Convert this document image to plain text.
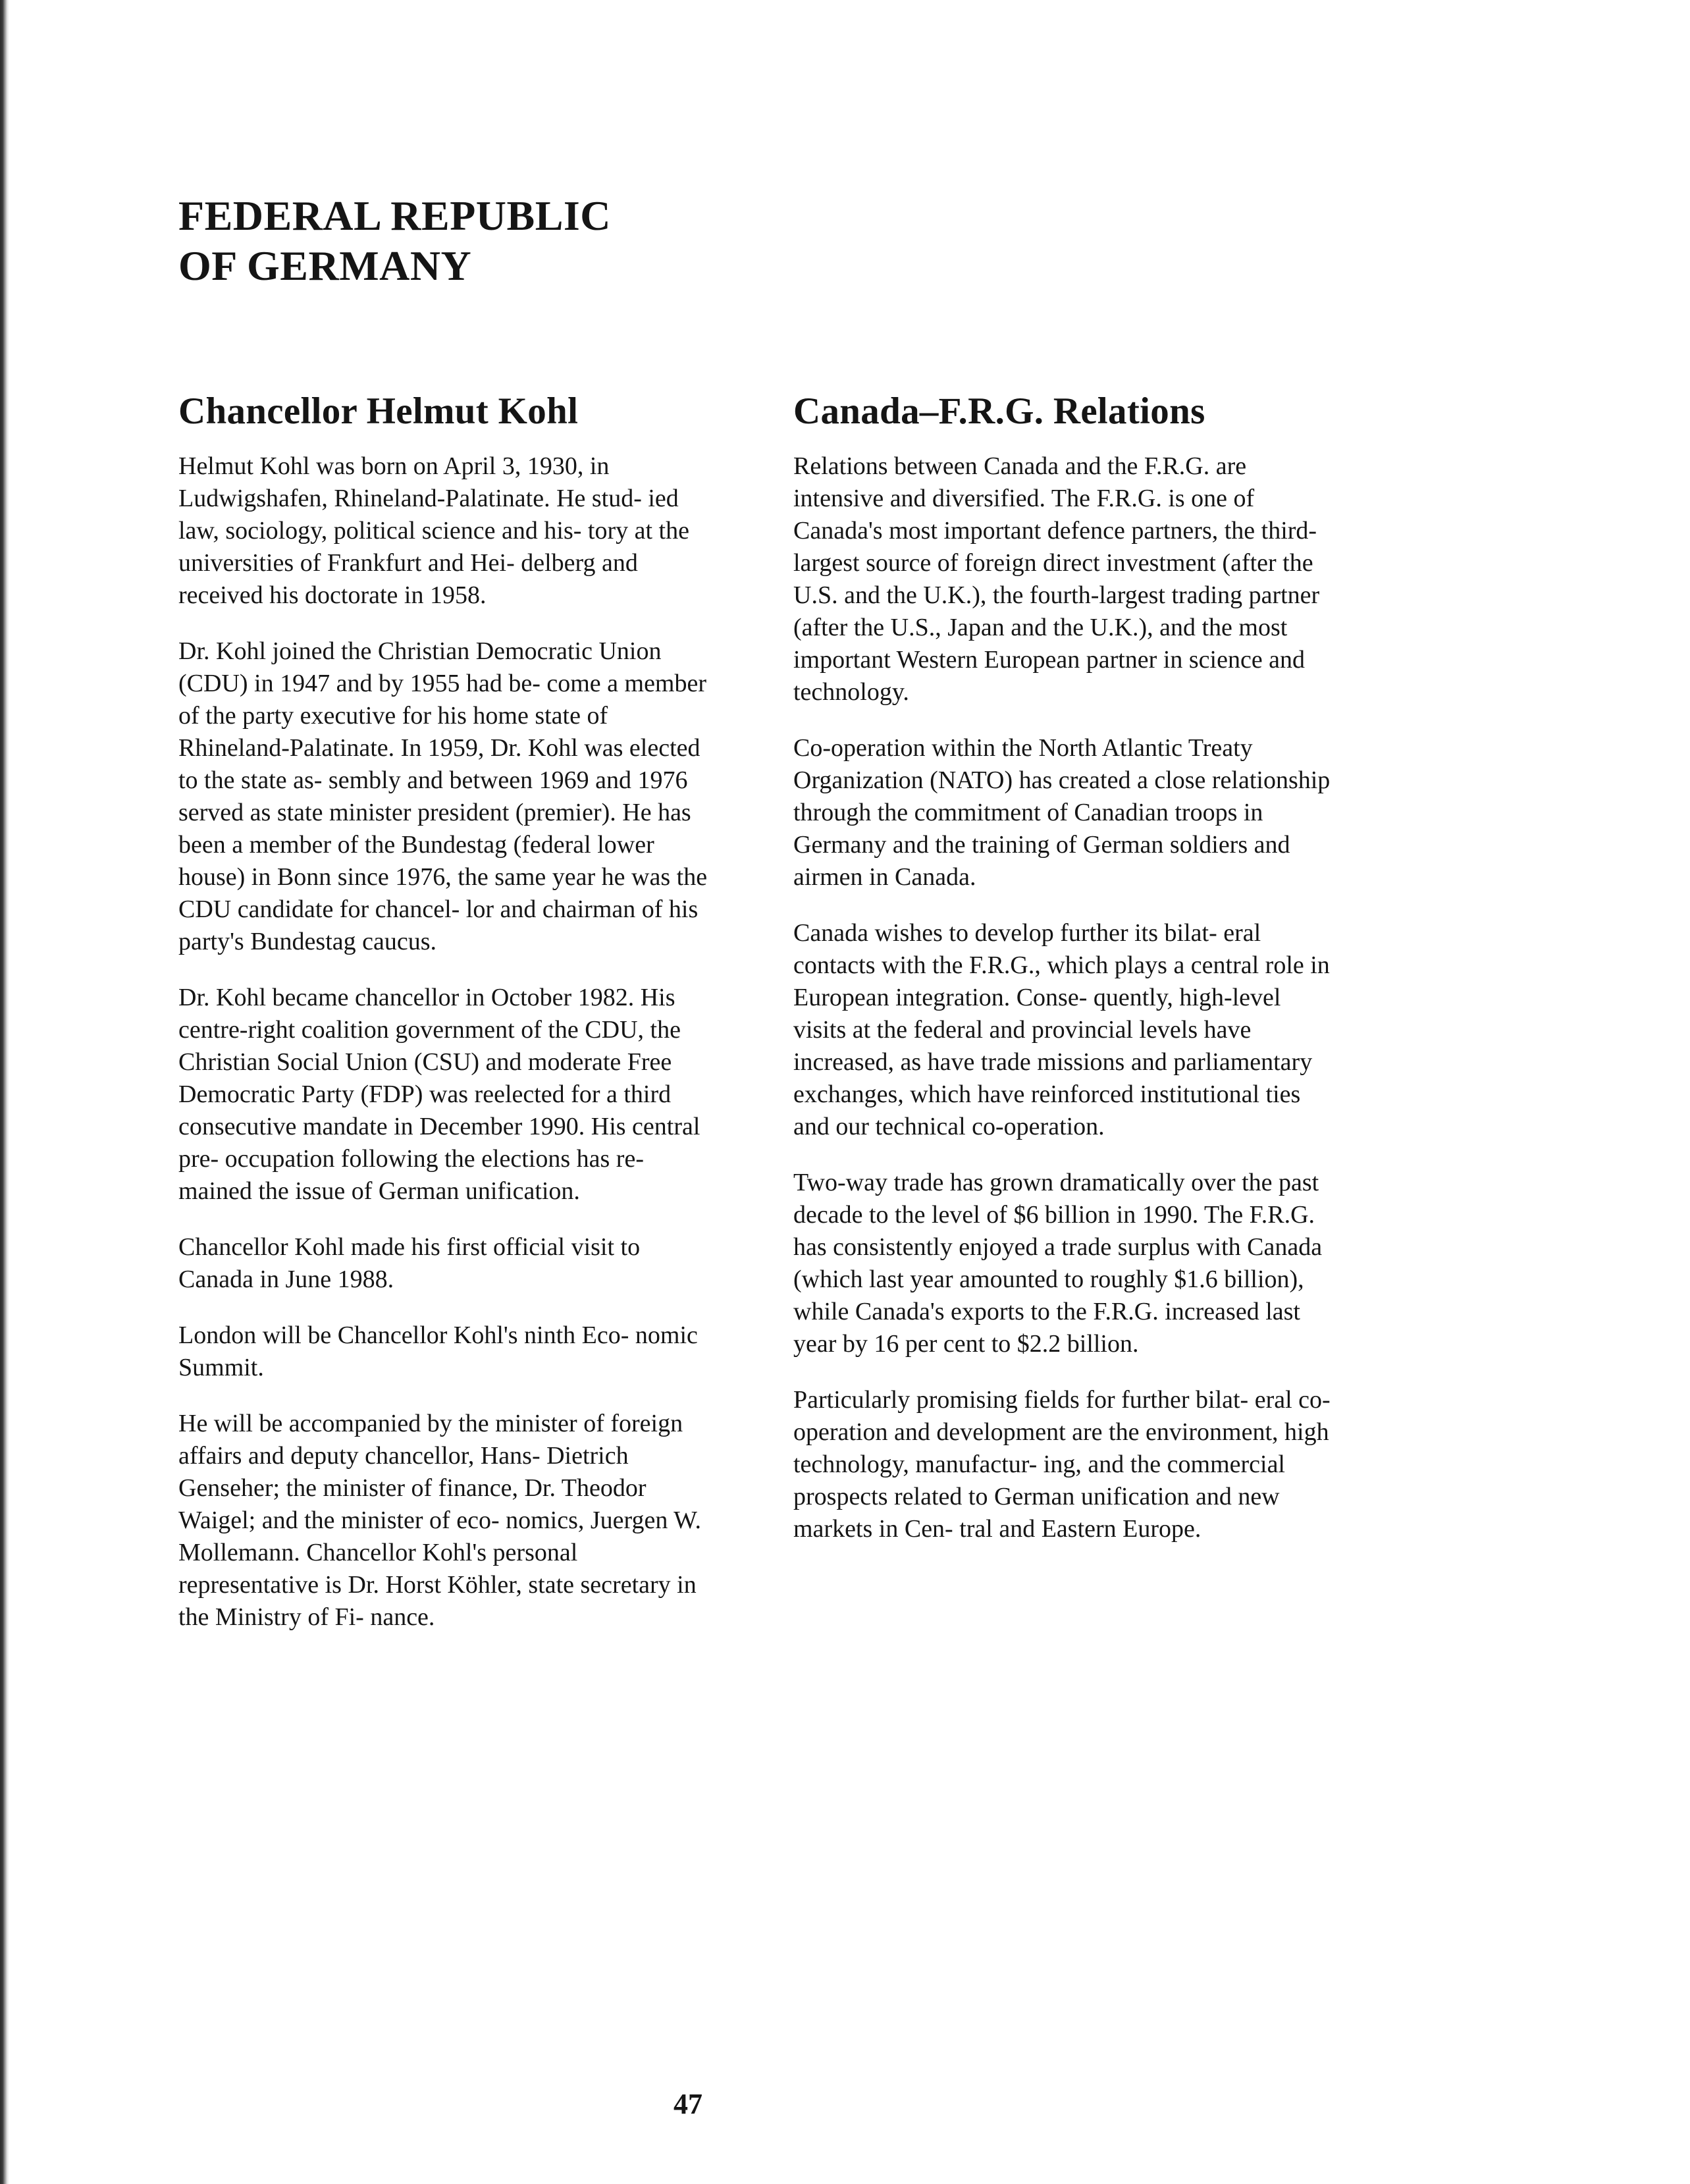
FEDERAL REPUBLIC
OF GERMANY
Chancellor Helmut Kohl

Helmut Kohl was born on April 3, 1930, in Ludwigshafen, Rhineland-Palatinate. He stud- ied law, sociology, political science and his- tory at the universities of Frankfurt and Hei- delberg and received his doctorate in 1958.

Dr. Kohl joined the Christian Democratic Union (CDU) in 1947 and by 1955 had be- come a member of the party executive for his home state of Rhineland-Palatinate. In 1959, Dr. Kohl was elected to the state as- sembly and between 1969 and 1976 served as state minister president (premier). He has been a member of the Bundestag (federal lower house) in Bonn since 1976, the same year he was the CDU candidate for chancel- lor and chairman of his party's Bundestag caucus.

Dr. Kohl became chancellor in October 1982. His centre-right coalition government of the CDU, the Christian Social Union (CSU) and moderate Free Democratic Party (FDP) was reelected for a third consecutive mandate in December 1990. His central pre- occupation following the elections has re- mained the issue of German unification.

Chancellor Kohl made his first official visit to Canada in June 1988.

London will be Chancellor Kohl's ninth Eco- nomic Summit.

He will be accompanied by the minister of foreign affairs and deputy chancellor, Hans- Dietrich Genseher; the minister of finance, Dr. Theodor Waigel; and the minister of eco- nomics, Juergen W. Mollemann. Chancellor Kohl's personal representative is Dr. Horst Köhler, state secretary in the Ministry of Fi- nance.

Canada–F.R.G. Relations

Relations between Canada and the F.R.G. are intensive and diversified. The F.R.G. is one of Canada's most important defence partners, the third-largest source of foreign direct investment (after the U.S. and the U.K.), the fourth-largest trading partner (after the U.S., Japan and the U.K.), and the most important Western European partner in science and technology.

Co-operation within the North Atlantic Treaty Organization (NATO) has created a close relationship through the commitment of Canadian troops in Germany and the training of German soldiers and airmen in Canada.

Canada wishes to develop further its bilat- eral contacts with the F.R.G., which plays a central role in European integration. Conse- quently, high-level visits at the federal and provincial levels have increased, as have trade missions and parliamentary exchanges, which have reinforced institutional ties and our technical co-operation.

Two-way trade has grown dramatically over the past decade to the level of $6 billion in 1990. The F.R.G. has consistently enjoyed a trade surplus with Canada (which last year amounted to roughly $1.6 billion), while Canada's exports to the F.R.G. increased last year by 16 per cent to $2.2 billion.

Particularly promising fields for further bilat- eral co-operation and development are the environment, high technology, manufactur- ing, and the commercial prospects related to German unification and new markets in Cen- tral and Eastern Europe.

47
